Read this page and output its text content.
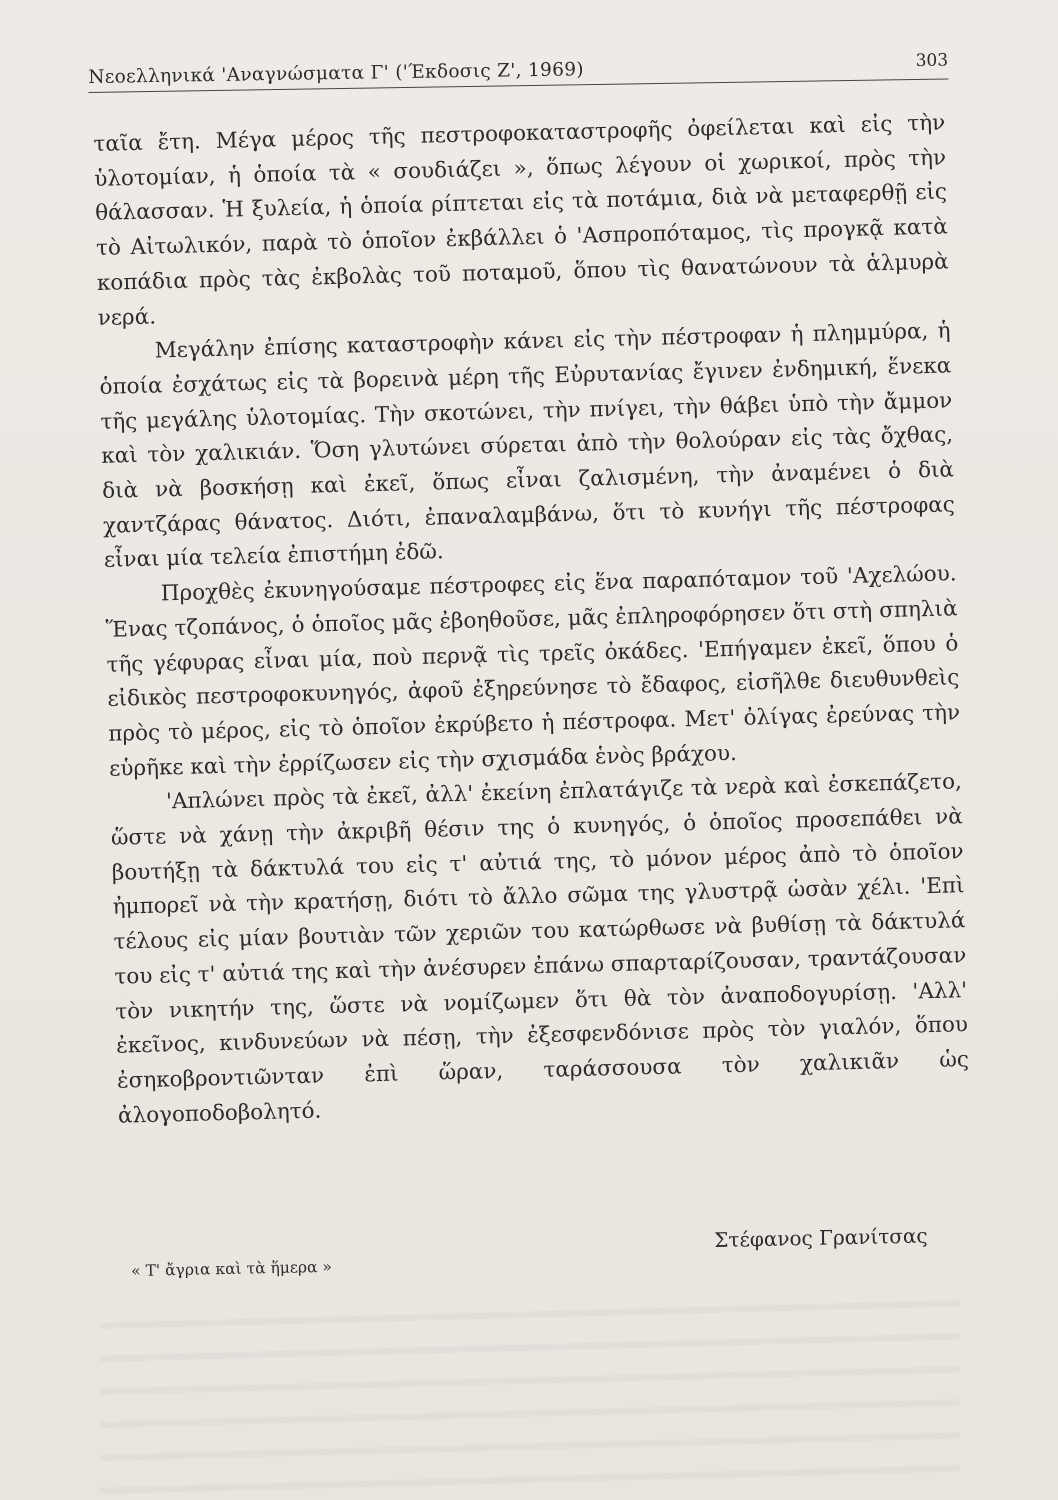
Νεοελληνικά 'Αναγνώσματα Γ' ('Έκδοσις Ζ', 1969)	303

ταῖα ἔτη. Μέγα μέρος τῆς πεστροφοκαταστροφῆς ὀφείλεται καὶ εἰς τὴν ὑλοτομίαν, ἡ ὁποία τὰ « σουδιάζει », ὅπως λέγουν οἱ χωρικοί, πρὸς τὴν θάλασσαν. Ἡ ξυλεία, ἡ ὁποία ρίπτεται εἰς τὰ ποτάμια, διὰ νὰ μεταφερθῇ εἰς τὸ Αἰτωλικόν, παρὰ τὸ ὁποῖον ἐκβάλλει ὁ 'Ασπροπόταμος, τὶς προγκᾷ κατὰ κοπάδια πρὸς τὰς ἐκβολὰς τοῦ ποταμοῦ, ὅπου τὶς θανατώνουν τὰ ἁλμυρὰ νερά.

Μεγάλην ἐπίσης καταστροφὴν κάνει εἰς τὴν πέστροφαν ἡ πλημμύρα, ἡ ὁποία ἐσχάτως εἰς τὰ βορεινὰ μέρη τῆς Εὐρυτανίας ἔγινεν ἐνδημική, ἕνεκα τῆς μεγάλης ὑλοτομίας. Τὴν σκοτώνει, τὴν πνίγει, τὴν θάβει ὑπὸ τὴν ἄμμον καὶ τὸν χαλικιάν. Ὅση γλυτώνει σύρεται ἀπὸ τὴν θολούραν εἰς τὰς ὄχθας, διὰ νὰ βοσκήσῃ καὶ ἐκεῖ, ὅπως εἶναι ζαλισμένη, τὴν ἀναμένει ὁ διὰ χαντζάρας θάνατος. Διότι, ἐπαναλαμβάνω, ὅτι τὸ κυνήγι τῆς πέστροφας εἶναι μία τελεία ἐπιστήμη ἐδῶ.

Προχθὲς ἐκυνηγούσαμε πέστροφες εἰς ἕνα παραπόταμον τοῦ 'Αχελώου. Ἕνας τζοπάνος, ὁ ὁποῖος μᾶς ἐβοηθοῦσε, μᾶς ἐπληροφόρησεν ὅτι στὴ σπηλιὰ τῆς γέφυρας εἶναι μία, ποὺ περνᾷ τὶς τρεῖς ὀκάδες. 'Επήγαμεν ἐκεῖ, ὅπου ὁ εἰδικὸς πεστροφοκυνηγός, ἀφοῦ ἐξηρεύνησε τὸ ἔδαφος, εἰσῆλθε διευθυνθεὶς πρὸς τὸ μέρος, εἰς τὸ ὁποῖον ἐκρύβετο ἡ πέστροφα. Μετ' ὀλίγας ἐρεύνας τὴν εὑρῆκε καὶ τὴν ἐρρίζωσεν εἰς τὴν σχισμάδα ἑνὸς βράχου.

'Απλώνει πρὸς τὰ ἐκεῖ, ἀλλ' ἐκείνη ἐπλατάγιζε τὰ νερὰ καὶ ἐσκεπάζετο, ὥστε νὰ χάνῃ τὴν ἀκριβῆ θέσιν της ὁ κυνηγός, ὁ ὁποῖος προσεπάθει νὰ βουτήξῃ τὰ δάκτυλά του εἰς τ' αὐτιά της, τὸ μόνον μέρος ἀπὸ τὸ ὁποῖον ἠμπορεῖ νὰ τὴν κρατήσῃ, διότι τὸ ἄλλο σῶμα της γλυστρᾷ ὡσὰν χέλι. 'Επὶ τέλους εἰς μίαν βουτιὰν τῶν χεριῶν του κατώρθωσε νὰ βυθίσῃ τὰ δάκτυλά του εἰς τ' αὐτιά της καὶ τὴν ἀνέσυρεν ἐπάνω σπαρταρίζουσαν, τραντάζουσαν τὸν νικητήν της, ὥστε νὰ νομίζωμεν ὅτι θὰ τὸν ἀναποδογυρίσῃ. 'Αλλ' ἐκεῖνος, κινδυνεύων νὰ πέσῃ, τὴν ἐξεσφενδόνισε πρὸς τὸν γιαλόν, ὅπου ἐσηκοβροντιῶνταν ἐπὶ ὥραν, ταράσσουσα τὸν χαλικιᾶν ὡς ἀλογοποδοβολητό.

Στέφανος Γρανίτσας
« Τ' ἄγρια καὶ τὰ ἥμερα »
